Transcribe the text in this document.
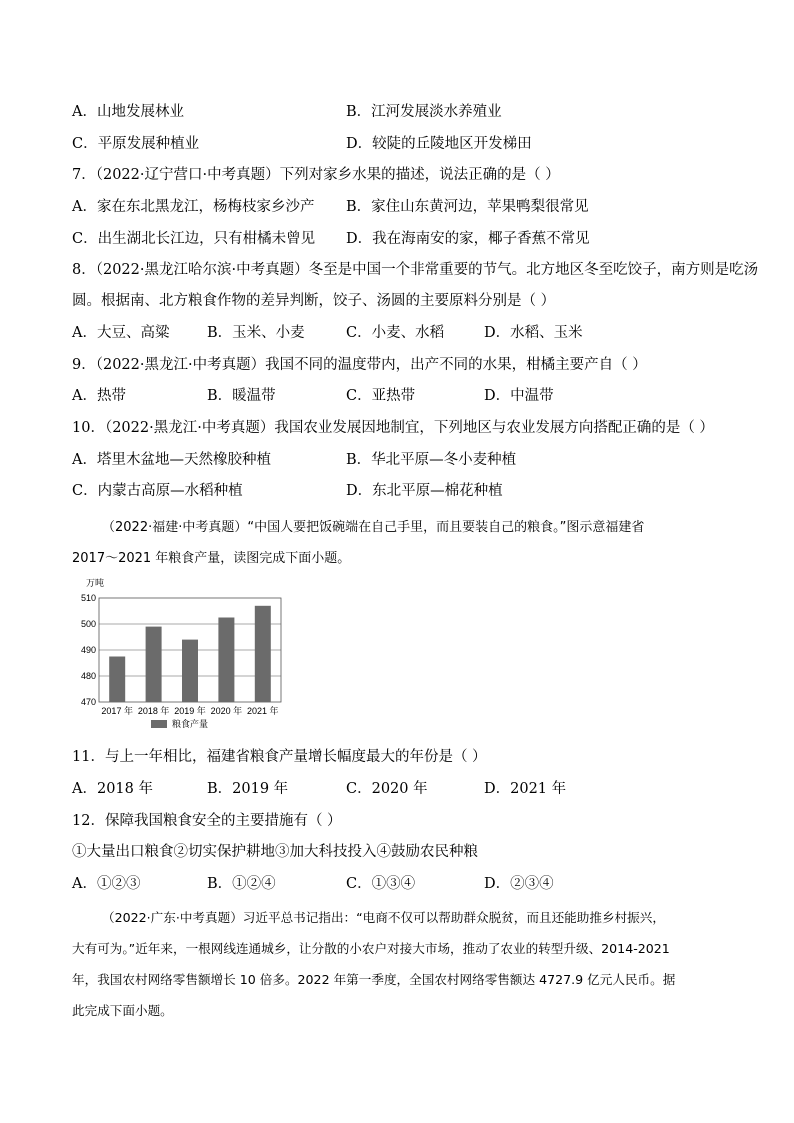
A．山地发展林业	B．江河发展淡水养殖业
C．平原发展种植业	D．较陡的丘陵地区开发梯田
7．（2022·辽宁营口·中考真题）下列对家乡水果的描述，说法正确的是（ ）
A．家在东北黑龙江，杨梅枝家乡沙产 B．家住山东黄河边，苹果鸭梨很常见
C．出生湖北长江边，只有柑橘未曾见 D．我在海南安的家，椰子香蕉不常见
8．（2022·黑龙江哈尔滨·中考真题）冬至是中国一个非常重要的节气。北方地区冬至吃饺子，南方则是吃汤
圆。根据南、北方粮食作物的差异判断，饺子、汤圆的主要原料分别是（ ）
A．大豆、高粱	B．玉米、小麦	C．小麦、水稻	D．水稻、玉米
9．（2022·黑龙江·中考真题）我国不同的温度带内，出产不同的水果，柑橘主要产自（ ）
A．热带	B．暖温带	C．亚热带	D．中温带
10．（2022·黑龙江·中考真题）我国农业发展因地制宜，下列地区与农业发展方向搭配正确的是（ ）
A．塔里木盆地—天然橡胶种植	B．华北平原—冬小麦种植
C．内蒙古高原—水稻种植	D．东北平原—棉花种植
（2022·福建·中考真题）“中国人要把饭碗端在自己手里，而且要装自己的粮食。”图示意福建省
2017～2021 年粮食产量，读图完成下面小题。
万吨
470
480
490
500
510
2017 年 2018 年 2019 年 2020 年 2021 年
粮食产量
11．与上一年相比，福建省粮食产量增长幅度最大的年份是（ ）
A．2018 年	B．2019 年	C．2020 年	D．2021 年
12．保障我国粮食安全的主要措施有（ ）
①大量出口粮食②切实保护耕地③加大科技投入④鼓励农民种粮
A．①②③	B．①②④	C．①③④	D．②③④
（2022·广东·中考真题）习近平总书记指出：“电商不仅可以帮助群众脱贫，而且还能助推乡村振兴，
大有可为。”近年来，一根网线连通城乡，让分散的小农户对接大市场，推动了农业的转型升级、2014-2021
年，我国农村网络零售额增长 10 倍多。2022 年第一季度，全国农村网络零售额达 4727.9 亿元人民币。据
此完成下面小题。
